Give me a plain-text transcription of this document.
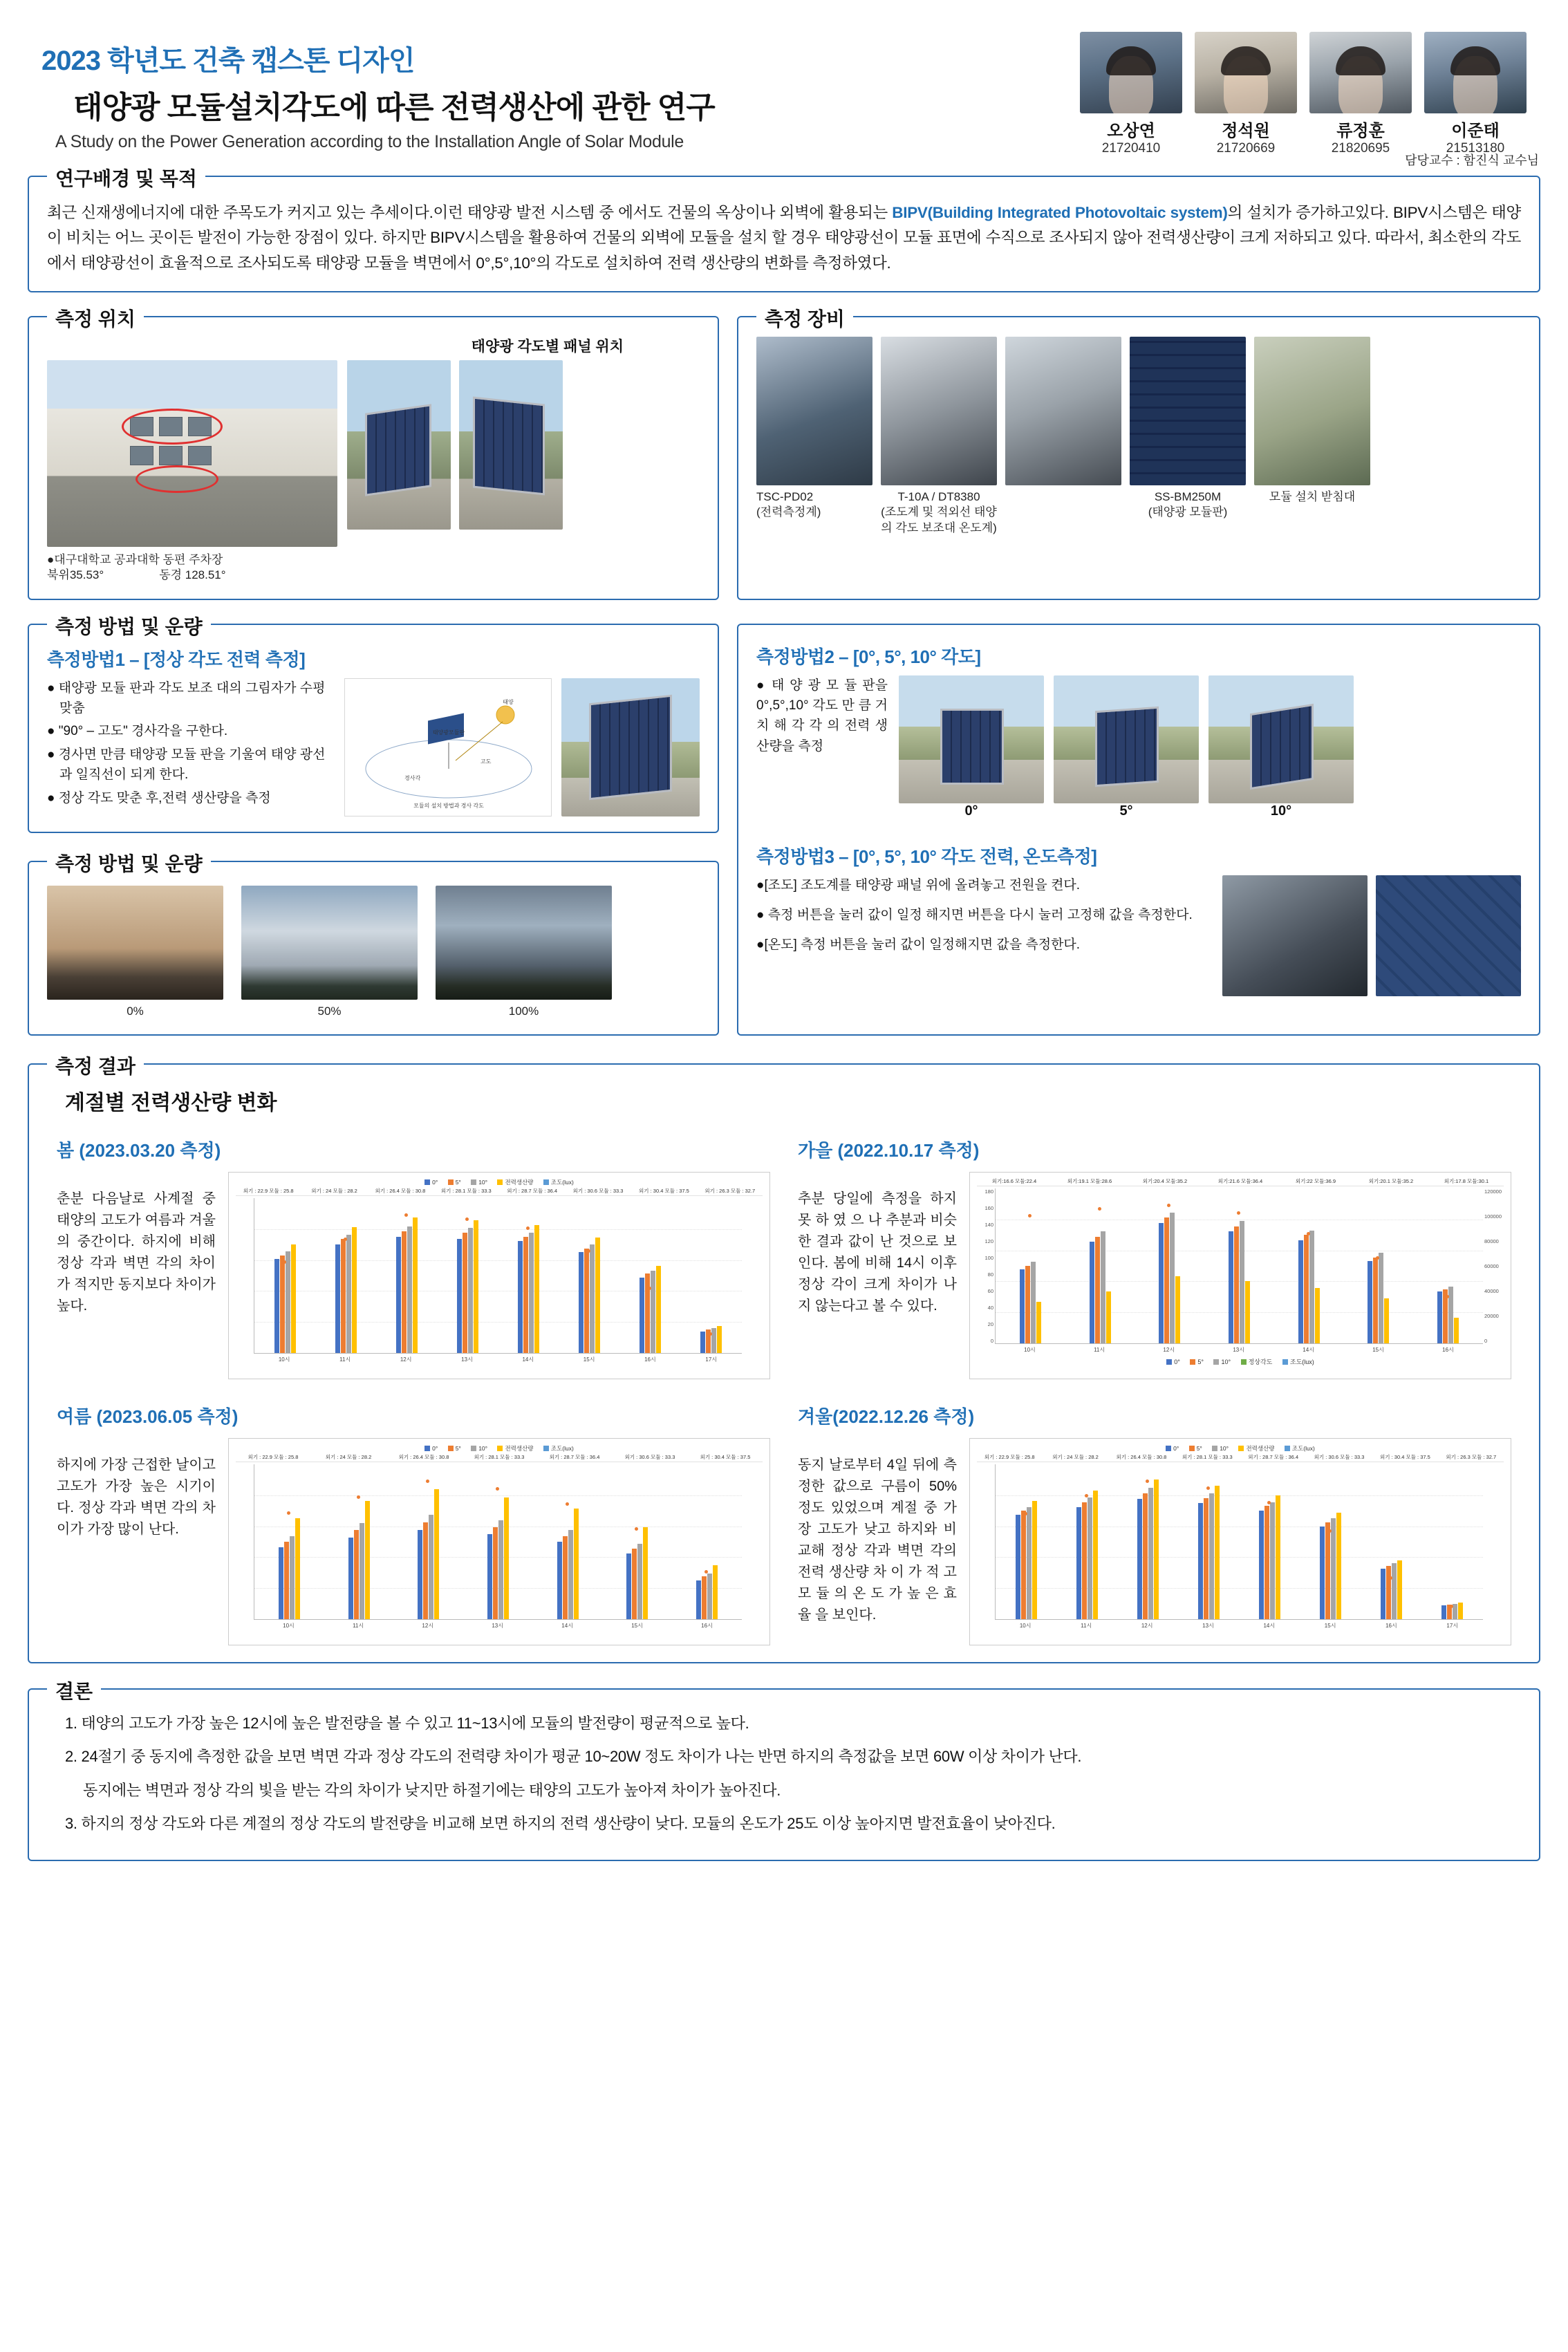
2023 학년도 건축 캡스톤 디자인
태양광 모듈설치각도에 따른 전력생산에 관한 연구
A Study on the Power Generation according to the Installation Angle of Solar Module
오상연
21720410
정석원
21720669
류정훈
21820695
이준태
21513180
담당교수 : 함진식 교수님
연구배경 및 목적
최근 신재생에너지에 대한 주목도가 커지고 있는 추세이다.이런 태양광 발전 시스템 중 에서도 건물의 옥상이나 외벽에 활용되는 BIPV(Building Integrated Photovoltaic system)의 설치가 증가하고있다. BIPV시스템은 태양이 비치는 어느 곳이든 발전이 가능한 장점이 있다. 하지만 BIPV시스템을 활용하여 건물의 외벽에 모듈을 설치 할 경우 태양광선이 모듈 표면에 수직으로 조사되지 않아 전력생산량이 크게 저하되고 있다. 따라서, 최소한의 각도에서 태양광선이 효율적으로 조사되도록 태양광 모듈을 벽면에서 0°,5°,10°의 각도로 설치하여 전력 생산량의 변화를 측정하였다.
측정 위치
태양광 각도별 패널 위치
●대구대학교 공과대학 동편 주차장
북위35.53°	동경 128.51°
측정 장비
TSC-PD02
(전력측정계)
T-10A / DT8380
(조도계 및 적외선 태양의 각도 보조대 온도계)
SS-BM250M
(태양광 모듈판)
모듈 설치 받침대
측정 방법 및 운량
측정방법1 – [정상 각도 전력 측정]
● 태양광 모듈 판과 각도 보조 대의 그림자가 수평 맞춤
● "90° – 고도" 경사각을 구한다.
● 경사면 만큼 태양광 모듈 판을 기울여 태양 광선과 일직선이 되게 한다.
● 정상 각도 맞춘 후,전력 생산량을 측정
태양
태양광모듈판
고도
경사각
모듈의 설치 방법과 경사 각도
측정 방법 및 운량
0%	50%	100%
측정방법2 – [0°, 5°, 10° 각도]
● 태 양 광 모 듈 판을 0°,5°,10° 각도 만 큼 거 치 해 각 각 의 전력 생산량을 측정
0°	5°	10°
측정방법3 – [0°, 5°, 10° 각도 전력, 온도측정]
●[조도] 조도계를 태양광 패널 위에 올려놓고 전원을 켠다.
● 측정 버튼을 눌러 값이 일정 해지면 버튼을 다시 눌러 고정해 값을 측정한다.
●[온도] 측정 버튼을 눌러 값이 일정해지면 값을 측정한다.
측정 결과
계절별 전력생산량 변화
봄 (2023.03.20 측정)
춘분 다음날로 사계절 중 태양의 고도가 여름과 겨울의 중간이다. 하지에 비해 정상 각과 벽면 각의 차이가 적지만 동지보다 차이가 높다.
0°	5°	10°	전력생산량	조도(lux)
외기 : 22.9 모듈 : 25.8	외기 : 24 모듈 : 28.2	외기 : 26.4 모듈 : 30.8	외기 : 28.1 모듈 : 33.3	외기 : 28.7 모듈 : 36.4	외기 : 30.6 모듈 : 33.3	외기 : 30.4 모듈 : 37.5	외기 : 26.3 모듈 : 32.7
10시	11시	12시	13시	14시	15시	16시	17시
가을 (2022.10.17 측정)
추분 당일에 측정을 하지 못 하 였 으 나 추분과 비슷한 결과 값이 난 것으로 보인다. 봄에 비해 14시 이후 정상 각이 크게 차이가 나지 않는다고 볼 수 있다.
외기:16.6 모듈:22.4	외기:19.1 모듈:28.6	외기:20.4 모듈:35.2	외기:21.6 모듈:36.4	외기:22 모듈:36.9	외기:20.1 모듈:35.2	외기:17.8 모듈:30.1
180
160
140
120
100
80
60
40
20
0
120000
100000
80000
60000
40000
20000
0
10시	11시	12시	13시	14시	15시	16시
0°	5°	10°	정상각도	조도(lux)
여름 (2023.06.05 측정)
하지에 가장 근접한 날이고 고도가 가장 높은 시기이다. 정상 각과 벽면 각의 차이가 가장 많이 난다.
0°	5°	10°	전력생산량	조도(lux)
외기 : 22.9 모듈 : 25.8	외기 : 24 모듈 : 28.2	외기 : 26.4 모듈 : 30.8	외기 : 28.1 모듈 : 33.3	외기 : 28.7 모듈 : 36.4	외기 : 30.6 모듈 : 33.3	외기 : 30.4 모듈 : 37.5
10시	11시	12시	13시	14시	15시	16시
겨울(2022.12.26 측정)
동지 날로부터 4일 뒤에 측정한 값으로 구름이 50%정도 있었으며 계절 중 가장 고도가 낮고 하지와 비교해 정상 각과 벽면 각의 전력 생산량 차 이 가 적 고 모 듈 의 온 도 가 높 은 효 율 을 보인다.
0°	5°	10°	전력생산량	조도(lux)
외기 : 22.9 모듈 : 25.8	외기 : 24 모듈 : 28.2	외기 : 26.4 모듈 : 30.8	외기 : 28.1 모듈 : 33.3	외기 : 28.7 모듈 : 36.4	외기 : 30.6 모듈 : 33.3	외기 : 30.4 모듈 : 37.5	외기 : 26.3 모듈 : 32.7
10시	11시	12시	13시	14시	15시	16시	17시
결론
1. 태양의 고도가 가장 높은 12시에 높은 발전량을 볼 수 있고 11~13시에 모듈의 발전량이 평균적으로 높다.
2. 24절기 중 동지에 측정한 값을 보면 벽면 각과 정상 각도의 전력량 차이가 평균 10~20W 정도 차이가 나는 반면 하지의 측정값을 보면 60W 이상 차이가 난다.
동지에는 벽면과 정상 각의 빛을 받는 각의 차이가 낮지만 하절기에는 태양의 고도가 높아져 차이가 높아진다.
3. 하지의 정상 각도와 다른 계절의 정상 각도의 발전량을 비교해 보면 하지의 전력 생산량이 낮다. 모듈의 온도가 25도 이상 높아지면 발전효율이 낮아진다.
